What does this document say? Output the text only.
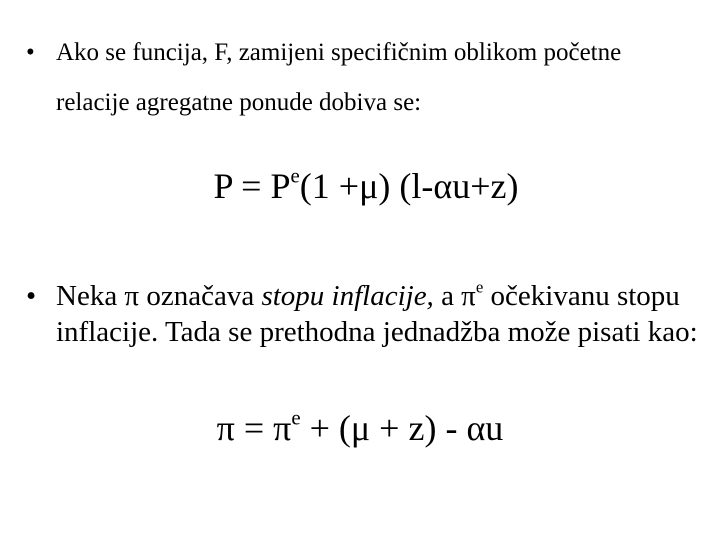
• Ako se funcija, F, zamijeni specifičnim oblikom početne relacije agregatne ponude dobiva se:
$P = P^e(1 +\mu)$ (l-αu+z)
• Neka π označava stopu inflacije, a $\pi^e$ očekivanu stopu inflacije. Tada se prethodna jednadžba može pisati kao:
$\pi = \pi^e + (\mu + z) - \alpha u$
